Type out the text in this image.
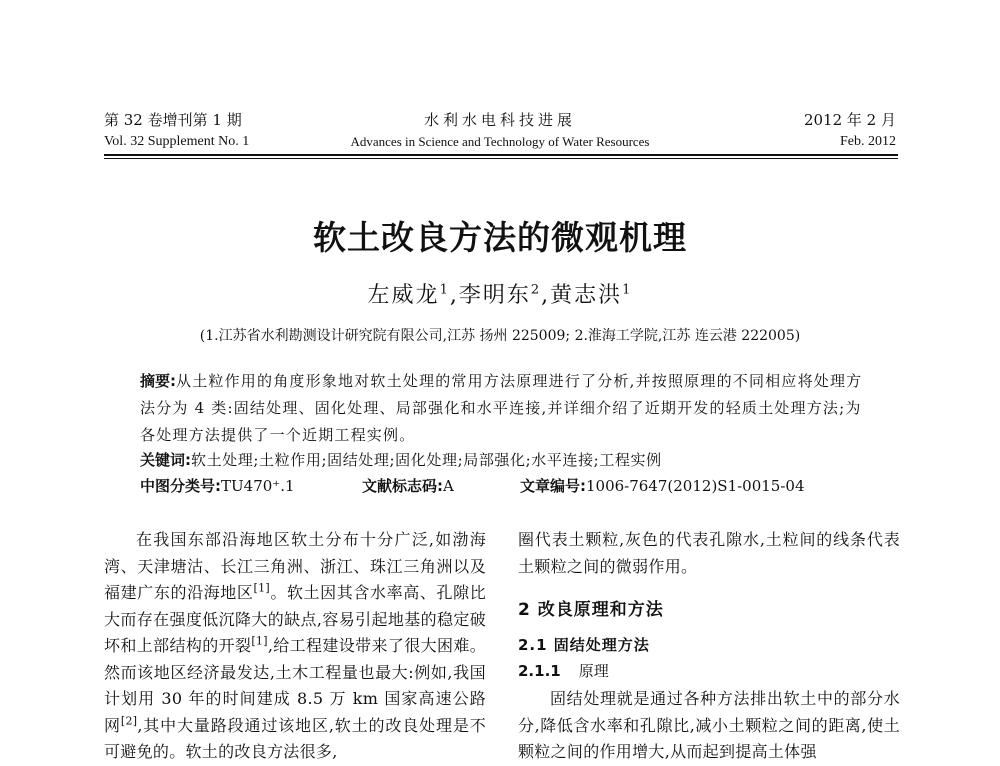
第 32 卷增刊第 1 期
Vol. 32 Supplement No. 1
水利水电科技进展
Advances in Science and Technology of Water Resources
2012 年 2 月
Feb. 2012
软土改良方法的微观机理
左威龙$^1$,李明东$^2$,黄志洪$^1$
(1.江苏省水利勘测设计研究院有限公司,江苏 扬州 225009; 2.淮海工学院,江苏 连云港 222005)
摘要:从土粒作用的角度形象地对软土处理的常用方法原理进行了分析,并按照原理的不同相应将处理方法分为 4 类:固结处理、固化处理、局部强化和水平连接,并详细介绍了近期开发的轻质土处理方法;为各处理方法提供了一个近期工程实例。
关键词:软土处理;土粒作用;固结处理;固化处理;局部强化;水平连接;工程实例
中图分类号:TU470⁺.1	文献标志码:A	文章编号:1006-7647(2012)S1-0015-04

在我国东部沿海地区软土分布十分广泛,如渤海湾、天津塘沽、长江三角洲、浙江、珠江三角洲以及福建广东的沿海地区[1]。软土因其含水率高、孔隙比大而存在强度低沉降大的缺点,容易引起地基的稳定破坏和上部结构的开裂[1],给工程建设带来了很大困难。然而该地区经济最发达,土木工程量也最大:例如,我国计划用 30 年的时间建成 8.5 万 km 国家高速公路网[2],其中大量路段通过该地区,软土的改良处理是不可避免的。软土的改良方法很多,

圈代表土颗粒,灰色的代表孔隙水,土粒间的线条代表土颗粒之间的微弱作用。

2 改良原理和方法
2.1 固结处理方法
2.1.1 原理

固结处理就是通过各种方法排出软土中的部分水分,降低含水率和孔隙比,减小土颗粒之间的距离,使土颗粒之间的作用增大,从而起到提高土体强
